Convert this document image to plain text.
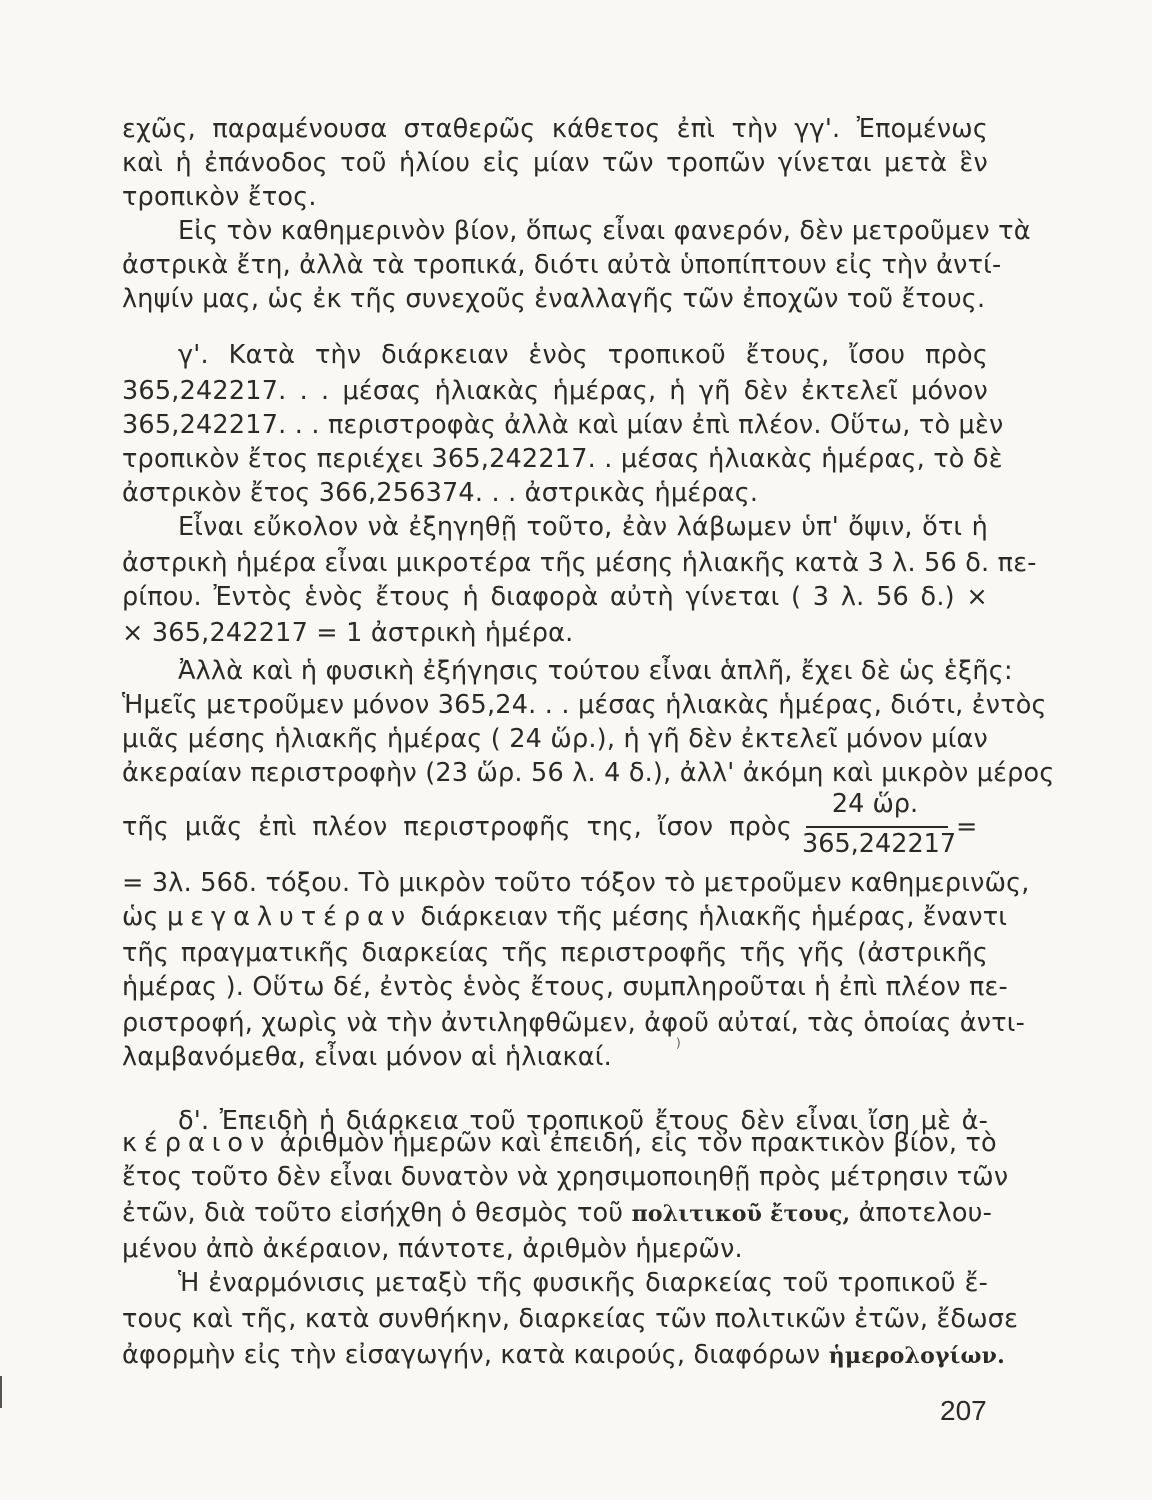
εχῶς, παραμένουσα σταθερῶς κάθετος ἐπὶ τὴν γγ'. Ἐπομένως
καὶ ἡ ἐπάνοδος τοῦ ἡλίου εἰς μίαν τῶν τροπῶν γίνεται μετὰ ἓν
τροπικὸν ἔτος.
Εἰς τὸν καθημερινὸν βίον, ὅπως εἶναι φανερόν, δὲν μετροῦμεν τὰ
ἀστρικὰ ἔτη, ἀλλὰ τὰ τροπικά, διότι αὐτὰ ὑποπίπτουν εἰς τὴν ἀντί-
ληψίν μας, ὡς ἐκ τῆς συνεχοῦς ἐναλλαγῆς τῶν ἐποχῶν τοῦ ἔτους.
γ'. Κατὰ τὴν διάρκειαν ἑνὸς τροπικοῦ ἔτους, ἴσου πρὸς
365,242217. . . μέσας ἡλιακὰς ἡμέρας, ἡ γῆ δὲν ἐκτελεῖ μόνον
365,242217. . . περιστροφὰς ἀλλὰ καὶ μίαν ἐπὶ πλέον. Οὕτω, τὸ μὲν
τροπικὸν ἔτος περιέχει 365,242217. . μέσας ἡλιακὰς ἡμέρας, τὸ δὲ
ἀστρικὸν ἔτος 366,256374. . . ἀστρικὰς ἡμέρας.
Εἶναι εὔκολον νὰ ἐξηγηθῇ τοῦτο, ἐὰν λάβωμεν ὑπ' ὄψιν, ὅτι ἡ
ἀστρικὴ ἡμέρα εἶναι μικροτέρα τῆς μέσης ἡλιακῆς κατὰ 3 λ. 56 δ. πε-
ρίπου. Ἐντὸς ἑνὸς ἔτους ἡ διαφορὰ αὐτὴ γίνεται ( 3 λ. 56 δ.) ×
× 365,242217 = 1 ἀστρικὴ ἡμέρα.
Ἀλλὰ καὶ ἡ φυσικὴ ἐξήγησις τούτου εἶναι ἁπλῆ, ἔχει δὲ ὡς ἑξῆς:
Ἡμεῖς μετροῦμεν μόνον 365,24. . . μέσας ἡλιακὰς ἡμέρας, διότι, ἐντὸς
μιᾶς μέσης ἡλιακῆς ἡμέρας ( 24 ὥρ.), ἡ γῆ δὲν ἐκτελεῖ μόνον μίαν
ἀκεραίαν περιστροφὴν (23 ὥρ. 56 λ. 4 δ.), ἀλλ' ἀκόμη καὶ μικρὸν μέρος
τῆς μιᾶς ἐπὶ πλέον περιστροφῆς της, ἴσον πρὸς
24 ὥρ.
365,242217
=
= 3λ. 56δ. τόξου. Τὸ μικρὸν τοῦτο τόξον τὸ μετροῦμεν καθημερινῶς,
ὡς μεγαλυτέραν διάρκειαν τῆς μέσης ἡλιακῆς ἡμέρας, ἔναντι
τῆς πραγματικῆς διαρκείας τῆς περιστροφῆς τῆς γῆς (ἀστρικῆς
ἡμέρας ). Οὕτω δέ, ἐντὸς ἑνὸς ἔτους, συμπληροῦται ἡ ἐπὶ πλέον πε-
ριστροφή, χωρὶς νὰ τὴν ἀντιληφθῶμεν, ἀφοῦ αὐταί, τὰς ὁποίας ἀντι-
λαμβανόμεθα, εἶναι μόνον αἱ ἡλιακαί.	)
δ'. Ἐπειδὴ ἡ διάρκεια τοῦ τροπικοῦ ἔτους δὲν εἶναι ἴση μὲ ἀ-
κέραιον ἀριθμὸν ἡμερῶν καὶ ἐπειδή, εἰς τὸν πρακτικὸν βίον, τὸ
ἔτος τοῦτο δὲν εἶναι δυνατὸν νὰ χρησιμοποιηθῇ πρὸς μέτρησιν τῶν
ἐτῶν, διὰ τοῦτο εἰσήχθη ὁ θεσμὸς τοῦ πολιτικοῦ ἔτους, ἀποτελου-
μένου ἀπὸ ἀκέραιον, πάντοτε, ἀριθμὸν ἡμερῶν.
Ἡ ἐναρμόνισις μεταξὺ τῆς φυσικῆς διαρκείας τοῦ τροπικοῦ ἔ-
τους καὶ τῆς, κατὰ συνθήκην, διαρκείας τῶν πολιτικῶν ἐτῶν, ἔδωσε
ἀφορμὴν εἰς τὴν εἰσαγωγήν, κατὰ καιρούς, διαφόρων ἡμερολογίων.
207
